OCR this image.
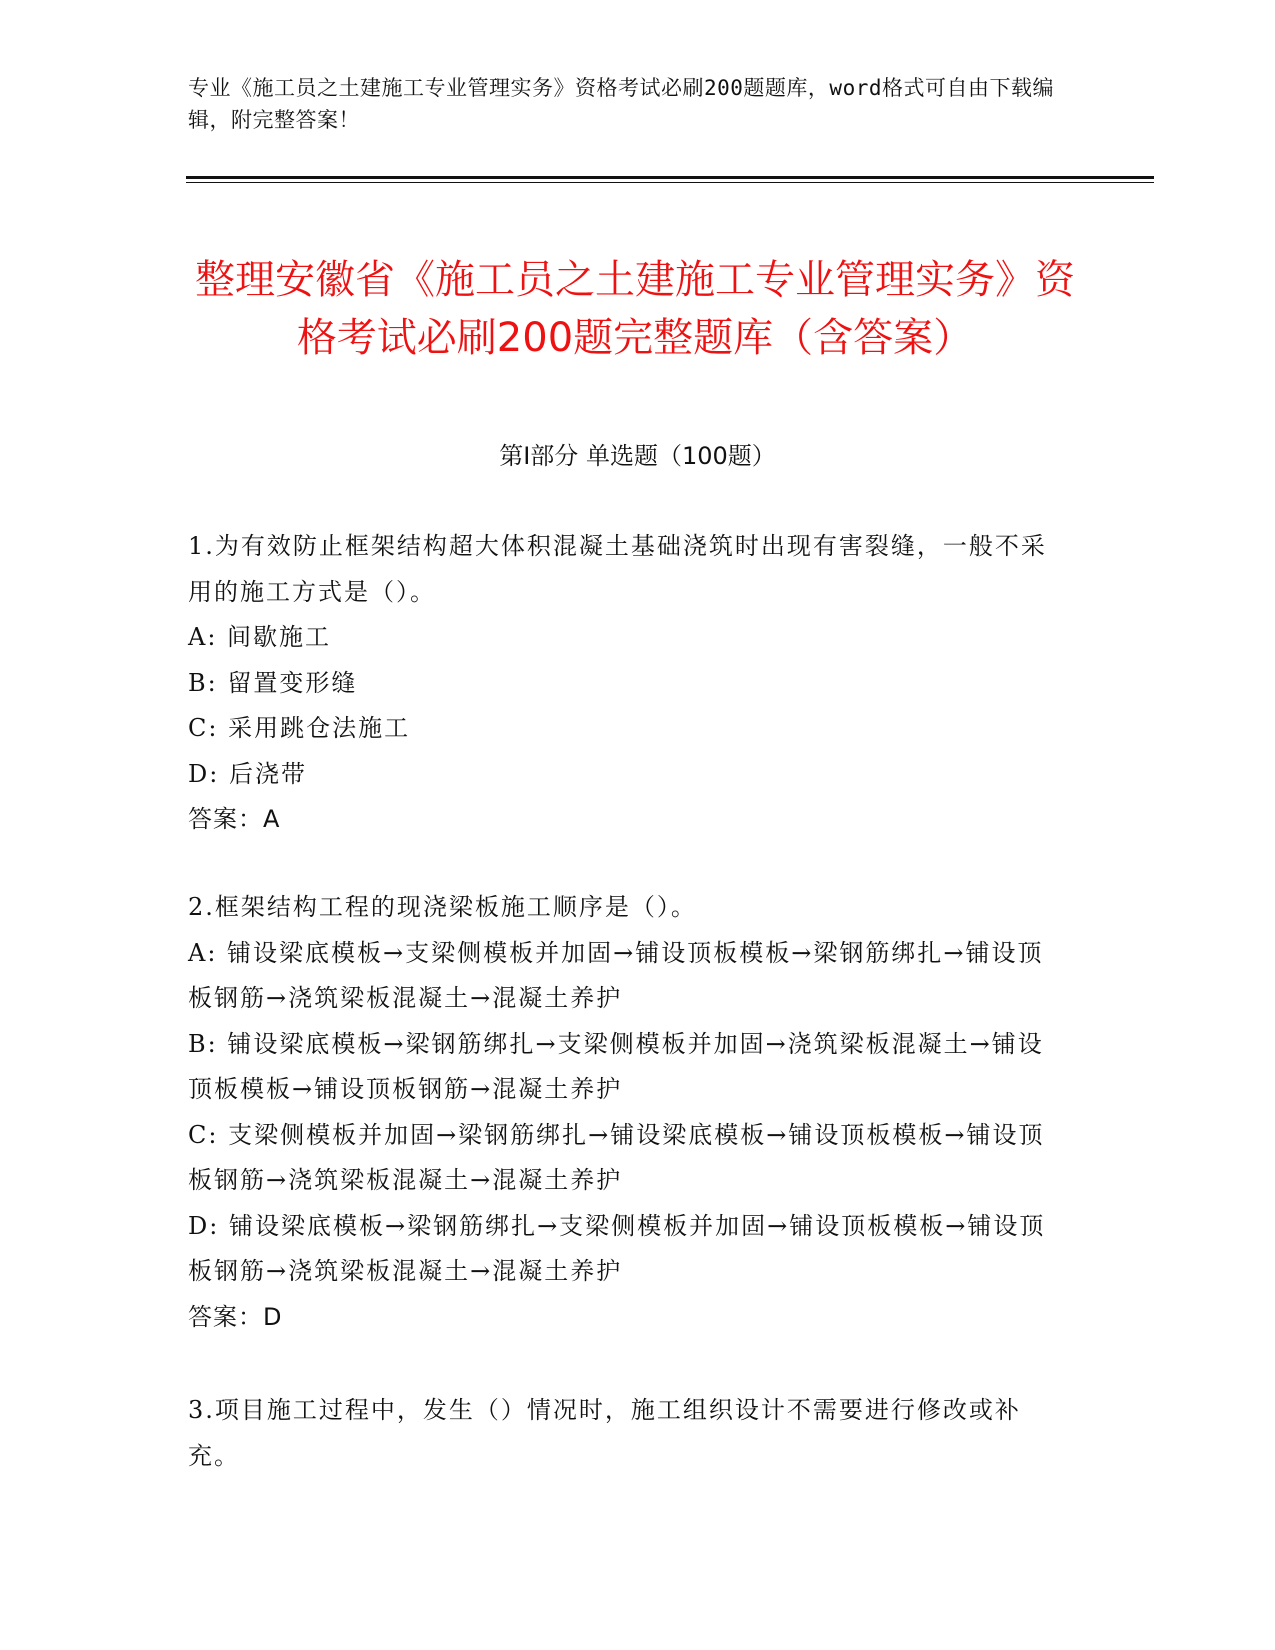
专业《施工员之土建施工专业管理实务》资格考试必刷200题题库，word格式可自由下载编辑，附完整答案！
整理安徽省《施工员之土建施工专业管理实务》资格考试必刷200题完整题库（含答案）
第Ⅰ部分 单选题（100题）

1.为有效防止框架结构超大体积混凝土基础浇筑时出现有害裂缝，一般不采用的施工方式是（）。

A: 间歇施工

B: 留置变形缝

C: 采用跳仓法施工

D: 后浇带

答案：A

2.框架结构工程的现浇梁板施工顺序是（）。

A: 铺设梁底模板→支梁侧模板并加固→铺设顶板模板→梁钢筋绑扎→铺设顶板钢筋→浇筑梁板混凝土→混凝土养护

B: 铺设梁底模板→梁钢筋绑扎→支梁侧模板并加固→浇筑梁板混凝土→铺设顶板模板→铺设顶板钢筋→混凝土养护

C: 支梁侧模板并加固→梁钢筋绑扎→铺设梁底模板→铺设顶板模板→铺设顶板钢筋→浇筑梁板混凝土→混凝土养护

D: 铺设梁底模板→梁钢筋绑扎→支梁侧模板并加固→铺设顶板模板→铺设顶板钢筋→浇筑梁板混凝土→混凝土养护

答案：D

3.项目施工过程中，发生（）情况时，施工组织设计不需要进行修改或补充。
